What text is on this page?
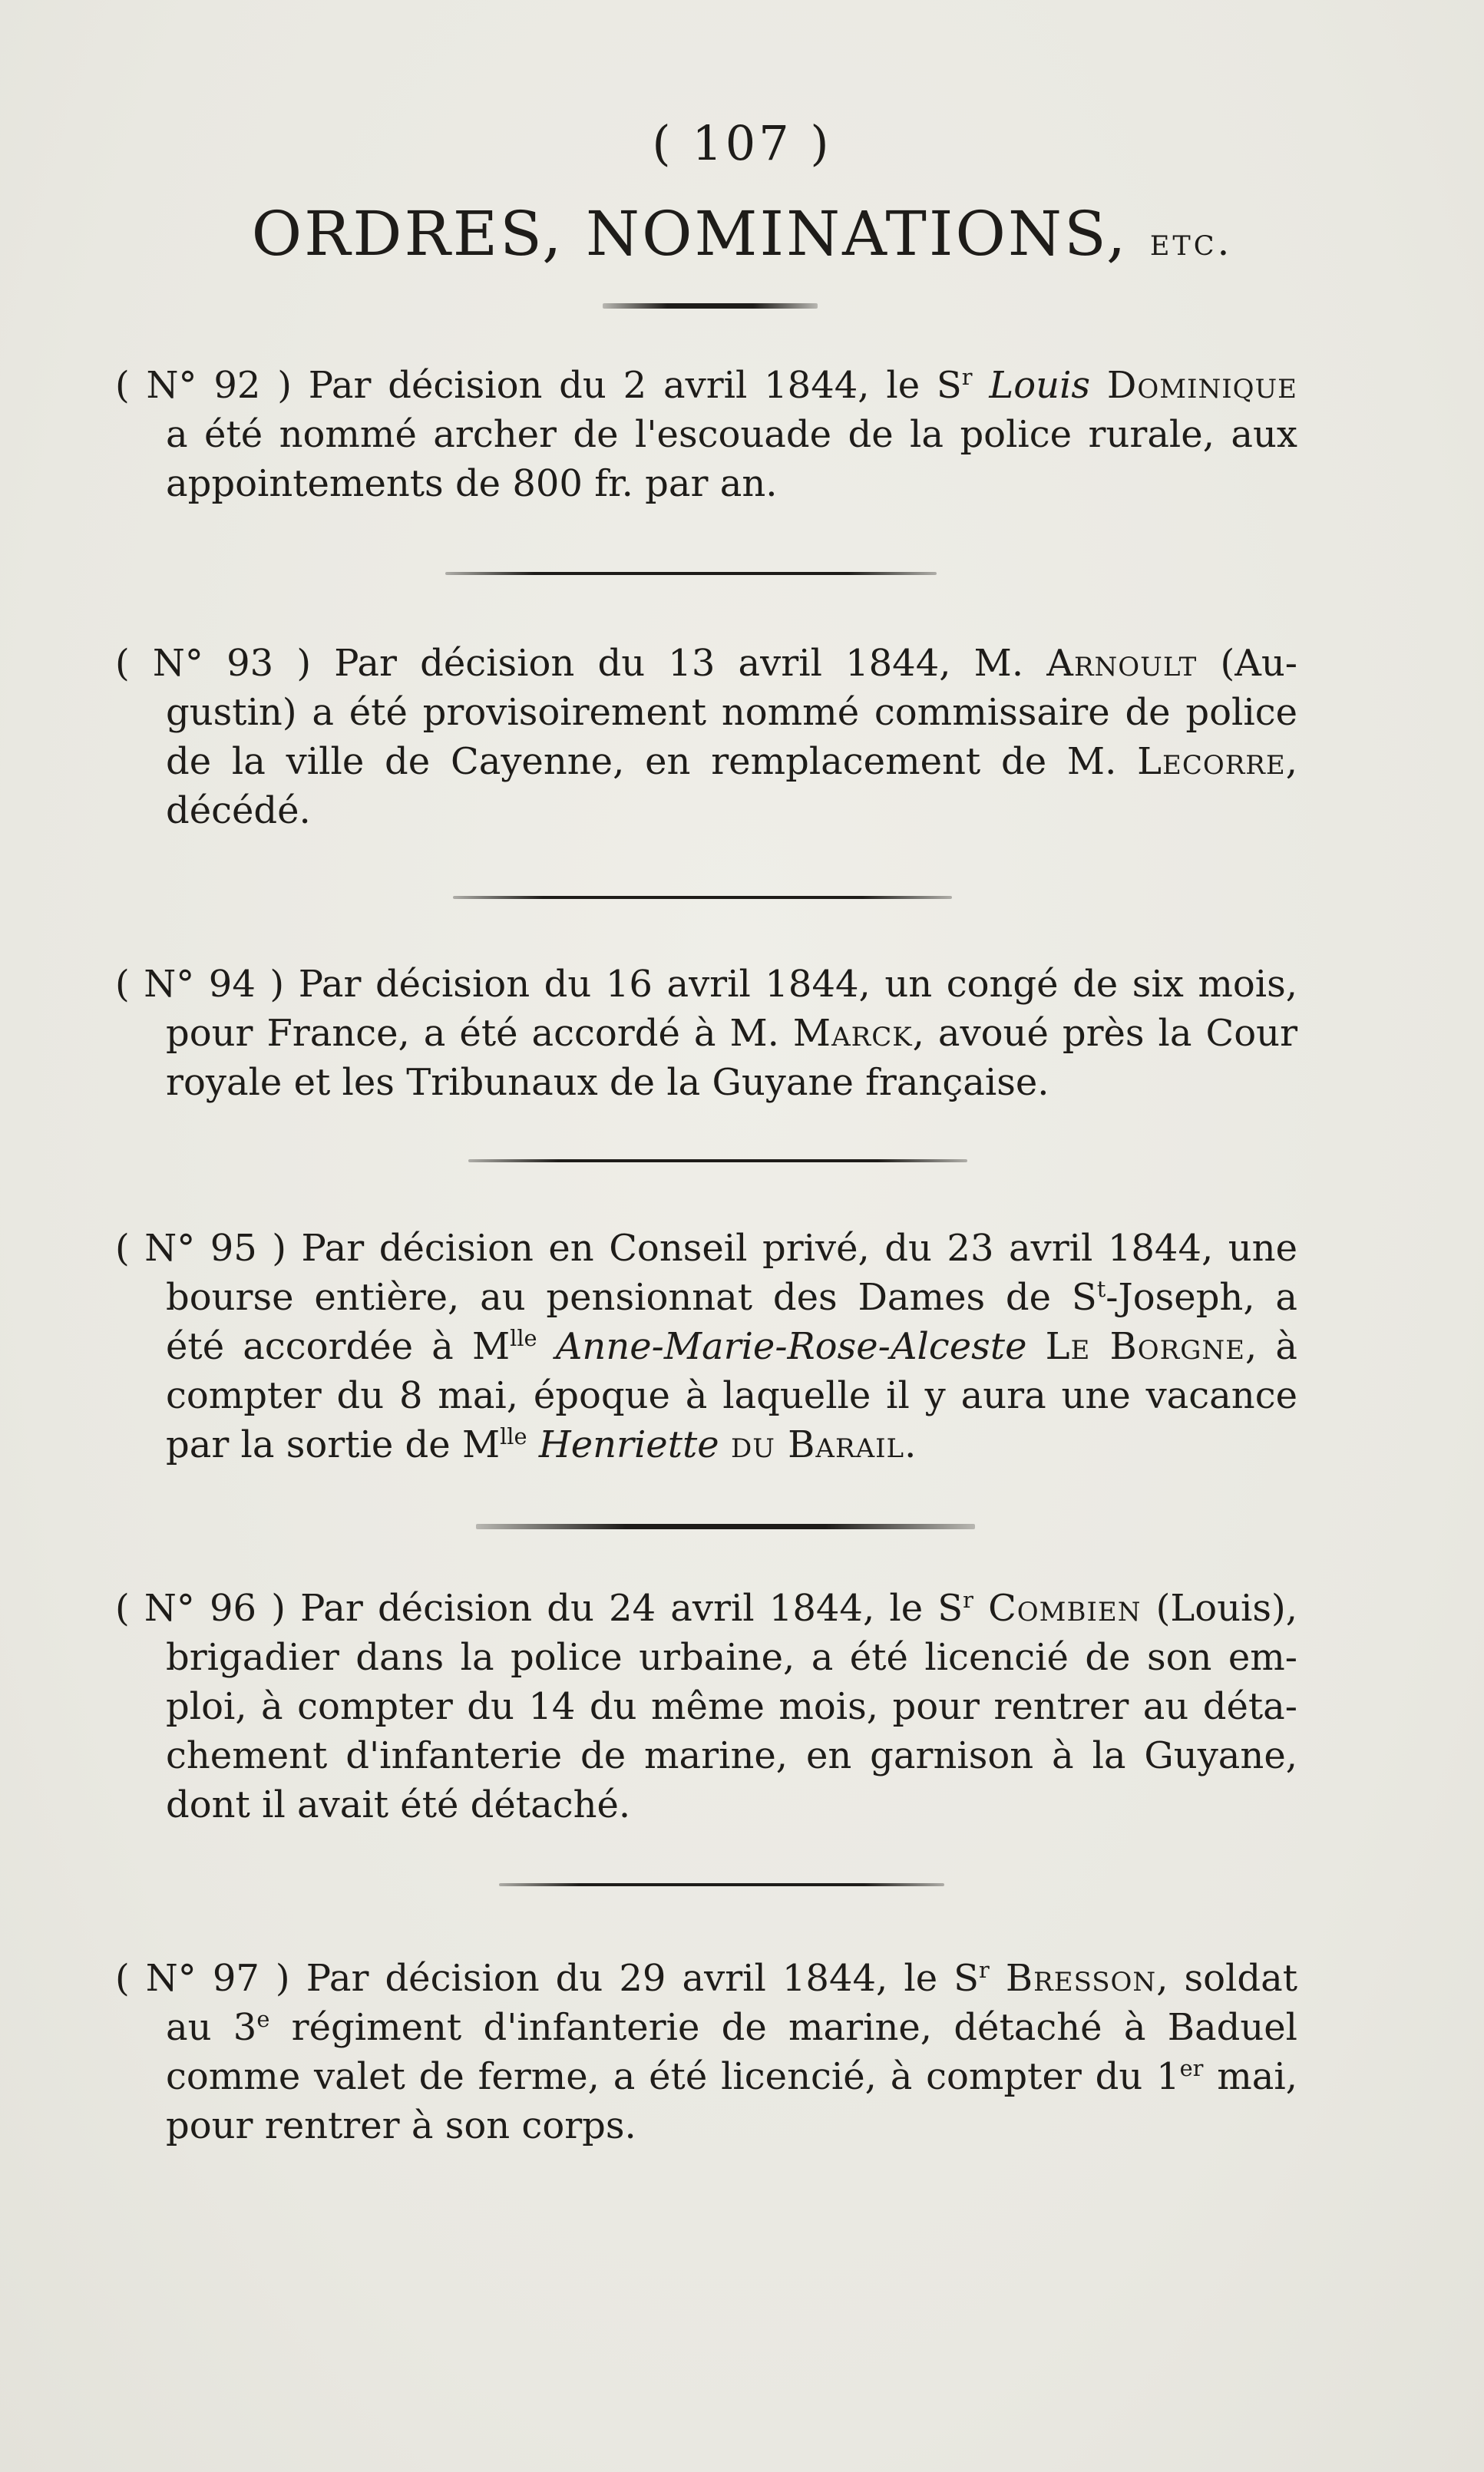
( 107 )
ORDRES, NOMINATIONS, etc.
( N° 92 ) Par décision du 2 avril 1844, le $S^r$ Louis Dominique
a été nommé archer de l'escouade de la police rurale, aux
appointements de 800 fr. par an.
( N° 93 ) Par décision du 13 avril 1844, M. Arnoult (Au-
gustin) a été provisoirement nommé commissaire de police
de la ville de Cayenne, en remplacement de M. Lecorre,
décédé.
( N° 94 ) Par décision du 16 avril 1844, un congé de six mois,
pour France, a été accordé à M. Marck, avoué près la Cour
royale et les Tribunaux de la Guyane française.
( N° 95 ) Par décision en Conseil privé, du 23 avril 1844, une
bourse entière, au pensionnat des Dames de $S^t$-Joseph, a
été accordée à $M^{lle}$ Anne-Marie-Rose-Alceste Le Borgne, à
compter du 8 mai, époque à laquelle il y aura une vacance
par la sortie de $M^{lle}$ Henriette du Barail.
( N° 96 ) Par décision du 24 avril 1844, le $S^r$ Combien (Louis),
brigadier dans la police urbaine, a été licencié de son em-
ploi, à compter du 14 du même mois, pour rentrer au déta-
chement d'infanterie de marine, en garnison à la Guyane,
dont il avait été détaché.
( N° 97 ) Par décision du 29 avril 1844, le $S^r$ Bresson, soldat
au 3e régiment d'infanterie de marine, détaché à Baduel
comme valet de ferme, a été licencié, à compter du 1er mai,
pour rentrer à son corps.
